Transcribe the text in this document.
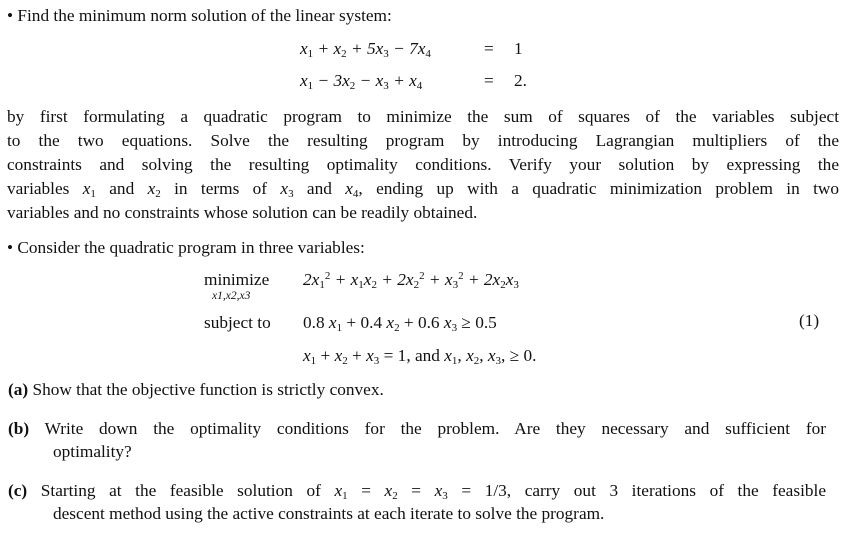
• Find the minimum norm solution of the linear system:
$x_1 + x_2 + 5x_3 - 7x_4$	= 1
$x_1 - 3x_2 - x_3 + x_4$	= 2.
by first formulating a quadratic program to minimize the sum of squares of the variables subject
to the two equations. Solve the resulting program by introducing Lagrangian multipliers of the
constraints and solving the resulting optimality conditions. Verify your solution by expressing the
variables $x_1$ and $x_2$ in terms of $x_3$ and $x_4$, ending up with a quadratic minimization problem in two
variables and no constraints whose solution can be readily obtained.
• Consider the quadratic program in three variables:
minimize
x1,x2,x3
$2x_1^2 + x_1x_2 + 2x_2^2 + x_3^2 + 2x_2x_3$
subject to 0.8 $x_1 + 0.4$ $x_2 + 0.6$ $x_3 \ge 0.5$	(1)
$x_1 + x_2 + x_3 = 1$, and $x_1$, $x_2$, $x_3$, ≥ 0.
(a) Show that the objective function is strictly convex.
(b) Write down the optimality conditions for the problem. Are they necessary and sufficient for
optimality?
(c) Starting at the feasible solution of $x_1 = x_2 = x_3 = 1/3$, carry out 3 iterations of the feasible
descent method using the active constraints at each iterate to solve the program.
